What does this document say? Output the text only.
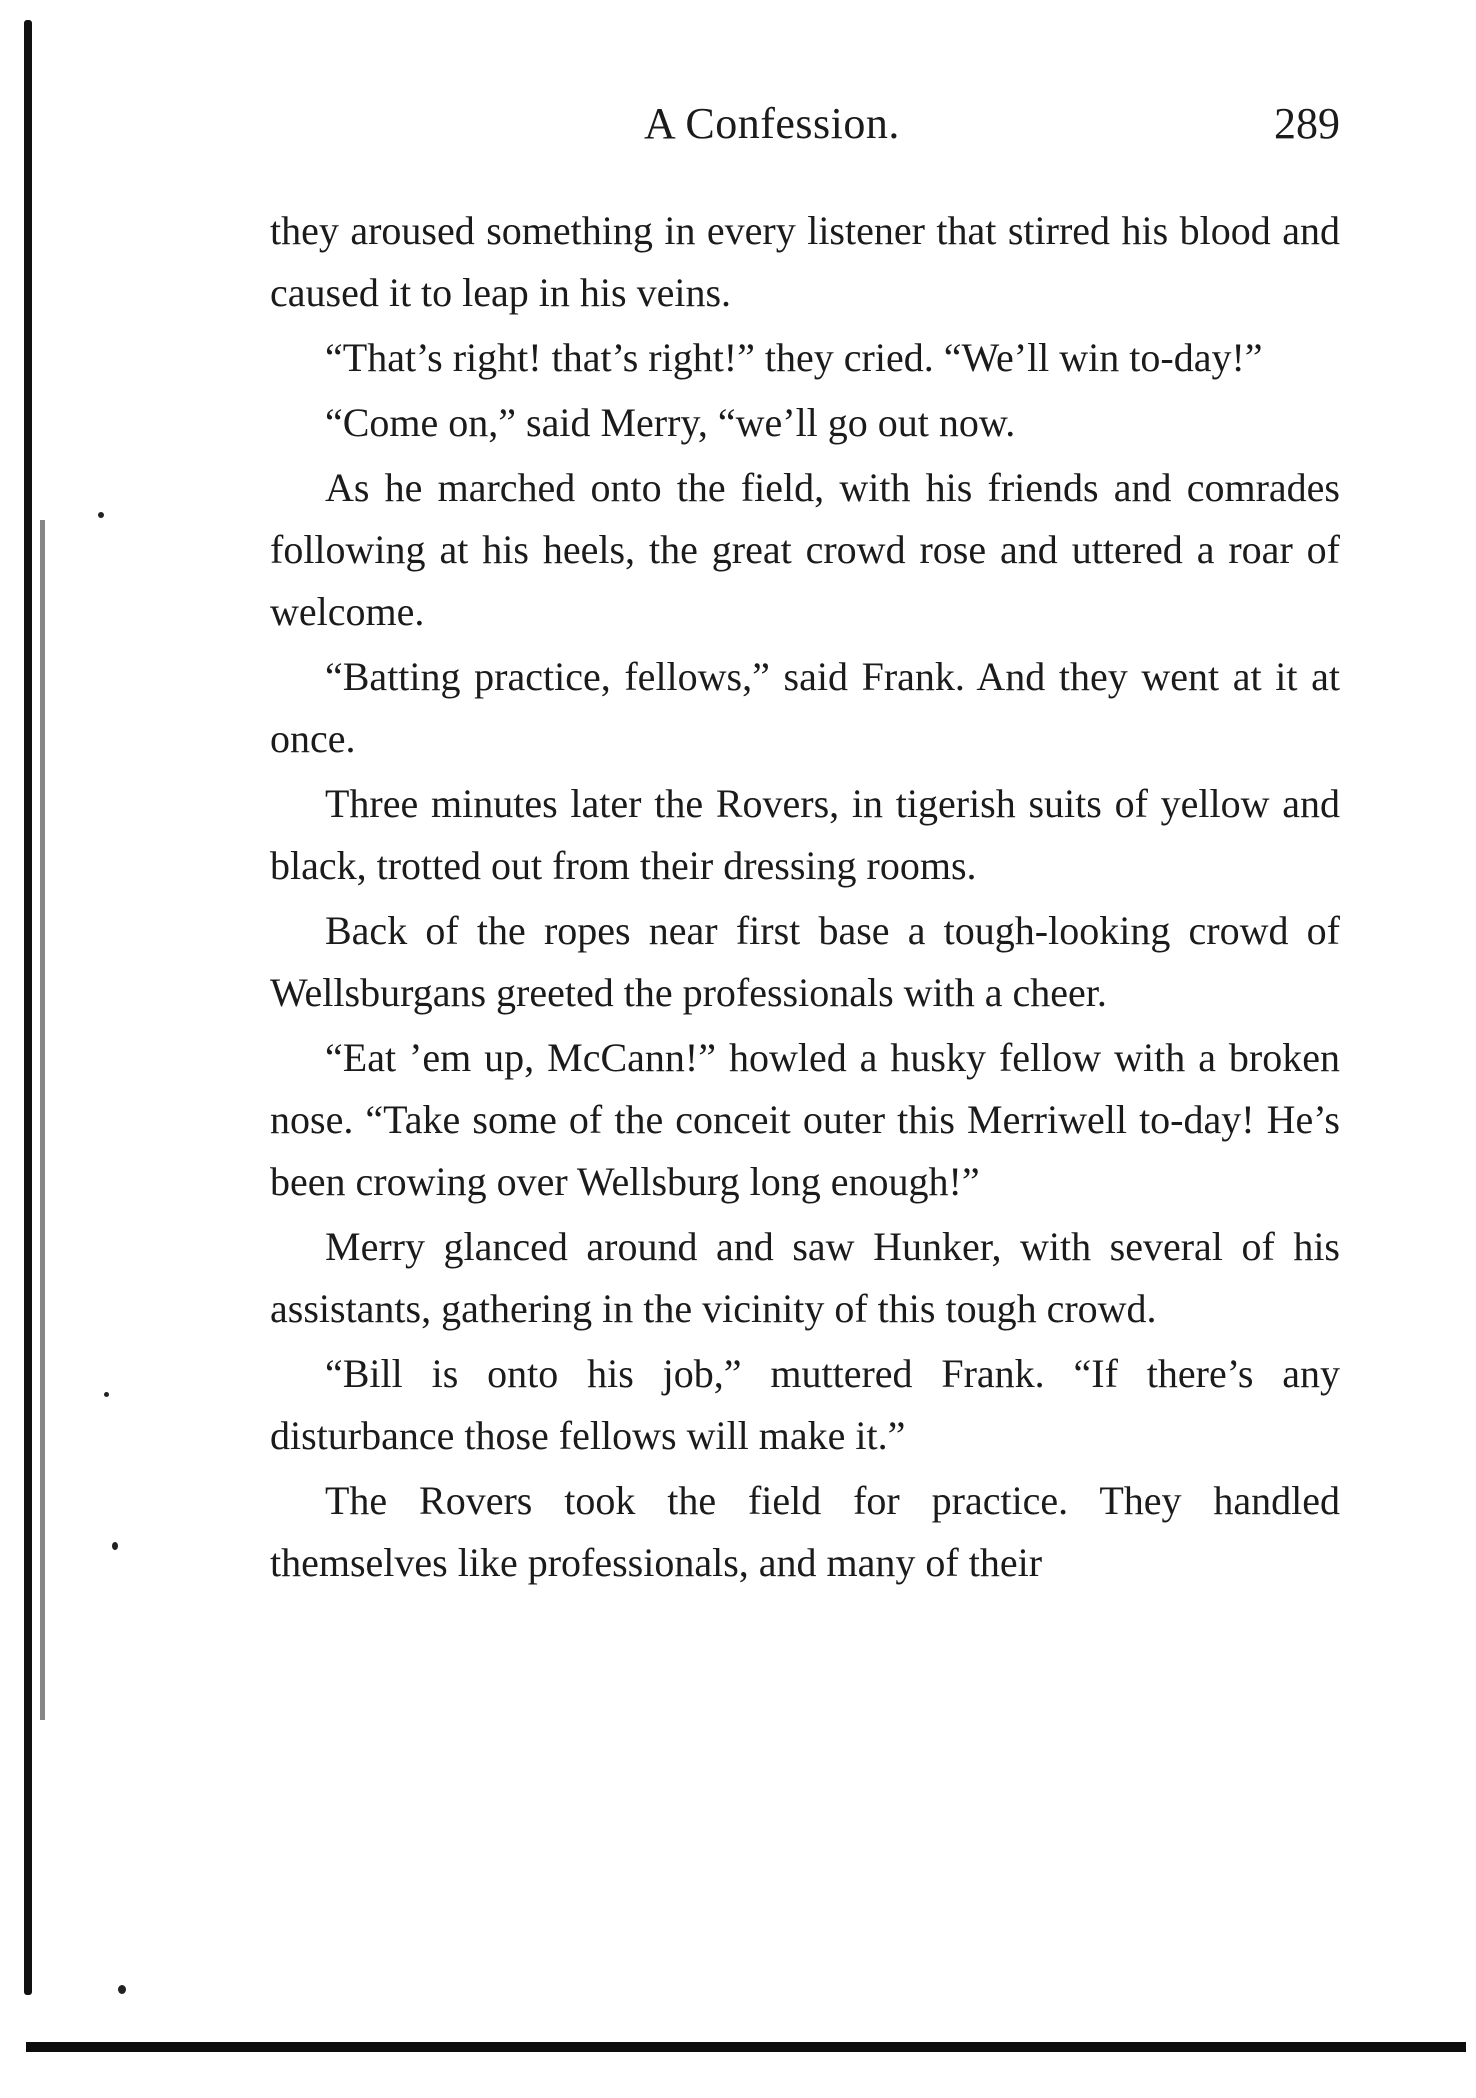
A Confession.	289

they aroused something in every listener that stirred his blood and caused it to leap in his veins.

“That’s right! that’s right!” they cried. “We’ll win to-day!”

“Come on,” said Merry, “we’ll go out now.

As he marched onto the field, with his friends and comrades following at his heels, the great crowd rose and uttered a roar of welcome.

“Batting practice, fellows,” said Frank. And they went at it at once.

Three minutes later the Rovers, in tigerish suits of yellow and black, trotted out from their dressing rooms.

Back of the ropes near first base a tough-looking crowd of Wellsburgans greeted the professionals with a cheer.

“Eat ’em up, McCann!” howled a husky fellow with a broken nose. “Take some of the conceit outer this Merriwell to-day! He’s been crowing over Wellsburg long enough!”

Merry glanced around and saw Hunker, with several of his assistants, gathering in the vicinity of this tough crowd.

“Bill is onto his job,” muttered Frank. “If there’s any disturbance those fellows will make it.”

The Rovers took the field for practice. They handled themselves like professionals, and many of their
